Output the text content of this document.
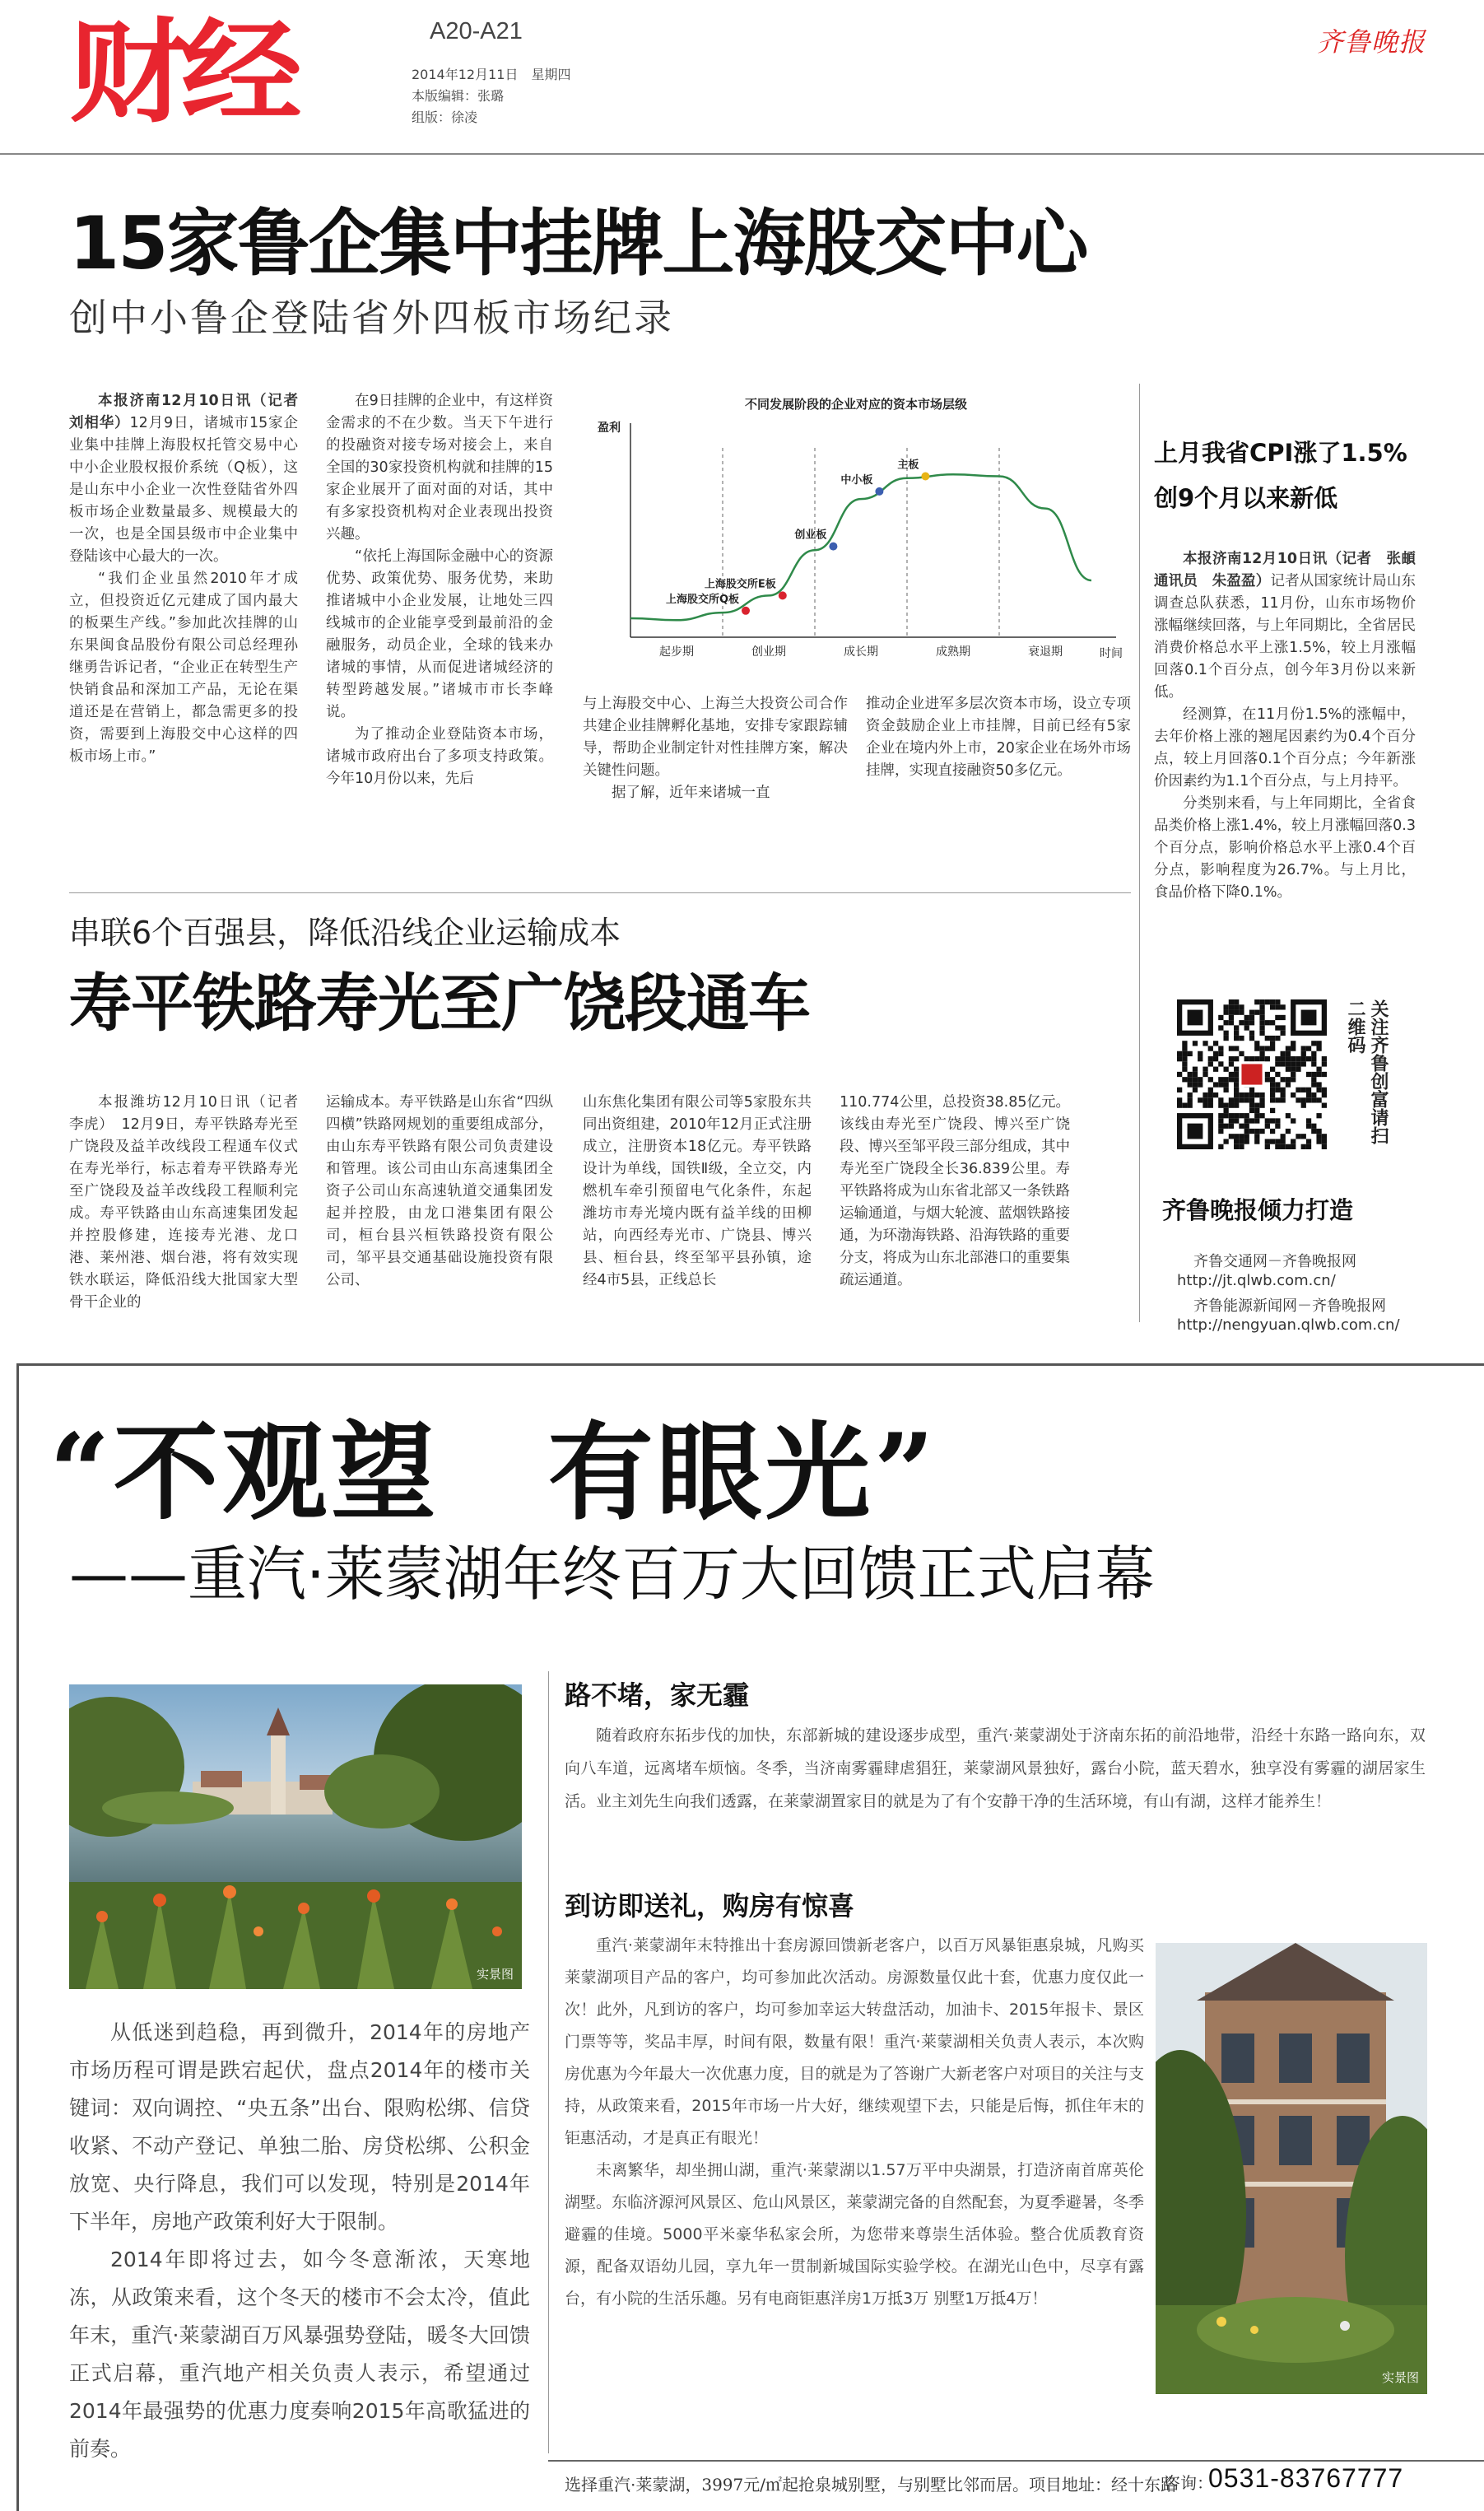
财经	A20-A21
2014年12月11日　星期四
本版编辑：张璐
组版：徐凌
齐鲁晚报
15家鲁企集中挂牌上海股交中心
创中小鲁企登陆省外四板市场纪录

本报济南12月10日讯（记者　刘相华）12月9日，诸城市15家企业集中挂牌上海股权托管交易中心中小企业股权报价系统（Q板），这是山东中小企业一次性登陆省外四板市场企业数量最多、规模最大的一次，也是全国县级市中企业集中登陆该中心最大的一次。

“我们企业虽然2010年才成立，但投资近亿元建成了国内最大的板栗生产线。”参加此次挂牌的山东果闽食品股份有限公司总经理孙继勇告诉记者，“企业正在转型生产快销食品和深加工产品，无论在渠道还是在营销上，都急需更多的投资，需要到上海股交中心这样的四板市场上市。”

在9日挂牌的企业中，有这样资金需求的不在少数。当天下午进行的投融资对接专场对接会上，来自全国的30家投资机构就和挂牌的15家企业展开了面对面的对话，其中有多家投资机构对企业表现出投资兴趣。

“依托上海国际金融中心的资源优势、政策优势、服务优势，来助推诸城中小企业发展，让地处三四线城市的企业能享受到最前沿的金融服务，动员企业，全球的钱来办诸城的事情，从而促进诸城经济的转型跨越发展。”诸城市市长李峰说。

为了推动企业登陆资本市场，诸城市政府出台了多项支持政策。今年10月份以来，先后

不同发展阶段的企业对应的资本市场层级
盈利
时间
起步期	创业期	成长期	成熟期	衰退期
上海股交所Q板
上海股交所E板
创业板
中小板
主板

与上海股交中心、上海兰大投资公司合作共建企业挂牌孵化基地，安排专家跟踪辅导，帮助企业制定针对性挂牌方案，解决关键性问题。

据了解，近年来诸城一直

推动企业进军多层次资本市场，设立专项资金鼓励企业上市挂牌，目前已经有5家企业在境内外上市，20家企业在场外市场挂牌，实现直接融资50多亿元。

上月我省CPI涨了1.5%
创9个月以来新低

本报济南12月10日讯（记者　张頔　通讯员　朱盈盈）记者从国家统计局山东调查总队获悉，11月份，山东市场物价涨幅继续回落，与上年同期比，全省居民消费价格总水平上涨1.5%，较上月涨幅回落0.1个百分点，创今年3月份以来新低。

经测算，在11月份1.5%的涨幅中，去年价格上涨的翘尾因素约为0.4个百分点，较上月回落0.1个百分点；今年新涨价因素约为1.1个百分点，与上月持平。

分类别来看，与上年同期比，全省食品类价格上涨1.4%，较上月涨幅回落0.3个百分点，影响价格总水平上涨0.4个百分点，影响程度为26.7%。与上月比，食品价格下降0.1%。

关注齐鲁创富请扫二维码
齐鲁晚报倾力打造
齐鲁交通网－齐鲁晚报网
http://jt.qlwb.com.cn/
齐鲁能源新闻网－齐鲁晚报网
http://nengyuan.qlwb.com.cn/
串联6个百强县，降低沿线企业运输成本
寿平铁路寿光至广饶段通车

本报潍坊12月10日讯（记者　李虎）　12月9日，寿平铁路寿光至广饶段及益羊改线段工程通车仪式在寿光举行，标志着寿平铁路寿光至广饶段及益羊改线段工程顺利完成。寿平铁路由山东高速集团发起并控股修建，连接寿光港、龙口港、莱州港、烟台港，将有效实现铁水联运，降低沿线大批国家大型骨干企业的

运输成本。寿平铁路是山东省“四纵四横”铁路网规划的重要组成部分，由山东寿平铁路有限公司负责建设和管理。该公司由山东高速集团全资子公司山东高速轨道交通集团发起并控股，由龙口港集团有限公司，桓台县兴桓铁路投资有限公司，邹平县交通基础设施投资有限公司、

山东焦化集团有限公司等5家股东共同出资组建，2010年12月正式注册成立，注册资本18亿元。寿平铁路设计为单线，国铁Ⅱ级，全立交，内燃机车牵引预留电气化条件，东起潍坊市寿光境内既有益羊线的田柳站，向西经寿光市、广饶县、博兴县、桓台县，终至邹平县孙镇，途经4市5县，正线总长

110.774公里，总投资38.85亿元。该线由寿光至广饶段、博兴至广饶段、博兴至邹平段三部分组成，其中寿光至广饶段全长36.839公里。寿平铁路将成为山东省北部又一条铁路运输通道，与烟大轮渡、蓝烟铁路接通，为环渤海铁路、沿海铁路的重要分支，将成为山东北部港口的重要集疏运通道。

“不观望　有眼光”
——重汽·莱蒙湖年终百万大回馈正式启幕
实景图

从低迷到趋稳，再到微升，2014年的房地产市场历程可谓是跌宕起伏，盘点2014年的楼市关键词：双向调控、“央五条”出台、限购松绑、信贷收紧、不动产登记、单独二胎、房贷松绑、公积金放宽、央行降息，我们可以发现，特别是2014年下半年，房地产政策利好大于限制。

2014年即将过去，如今冬意渐浓，天寒地冻，从政策来看，这个冬天的楼市不会太冷，值此年末，重汽·莱蒙湖百万风暴强势登陆，暖冬大回馈正式启幕，重汽地产相关负责人表示，希望通过2014年最强势的优惠力度奏响2015年高歌猛进的前奏。

路不堵，家无霾

随着政府东拓步伐的加快，东部新城的建设逐步成型，重汽·莱蒙湖处于济南东拓的前沿地带，沿经十东路一路向东，双向八车道，远离堵车烦恼。冬季，当济南雾霾肆虐猖狂，莱蒙湖风景独好，露台小院，蓝天碧水，独享没有雾霾的湖居家生活。业主刘先生向我们透露，在莱蒙湖置家目的就是为了有个安静干净的生活环境，有山有湖，这样才能养生！

到访即送礼，购房有惊喜

重汽·莱蒙湖年末特推出十套房源回馈新老客户，以百万风暴钜惠泉城，凡购买莱蒙湖项目产品的客户，均可参加此次活动。房源数量仅此十套，优惠力度仅此一次！此外，凡到访的客户，均可参加幸运大转盘活动，加油卡、2015年报卡、景区门票等等，奖品丰厚，时间有限，数量有限！重汽·莱蒙湖相关负责人表示，本次购房优惠为今年最大一次优惠力度，目的就是为了答谢广大新老客户对项目的关注与支持，从政策来看，2015年市场一片大好，继续观望下去，只能是后悔，抓住年末的钜惠活动，才是真正有眼光！

未离繁华，却坐拥山湖，重汽·莱蒙湖以1.57万平中央湖景，打造济南首席英伦湖墅。东临济源河风景区、危山风景区，莱蒙湖完备的自然配套，为夏季避暑，冬季避霾的佳境。5000平米豪华私家会所，为您带来尊崇生活体验。整合优质教育资源，配备双语幼儿园，享九年一贯制新城国际实验学校。在湖光山色中，尽享有露台，有小院的生活乐趣。另有电商钜惠洋房1万抵3万 别墅1万抵4万！

实景图
选择重汽·莱蒙湖，3997元/㎡起抢泉城别墅，与别墅比邻而居。项目地址：经十东路
咨询：
0531-83767777
